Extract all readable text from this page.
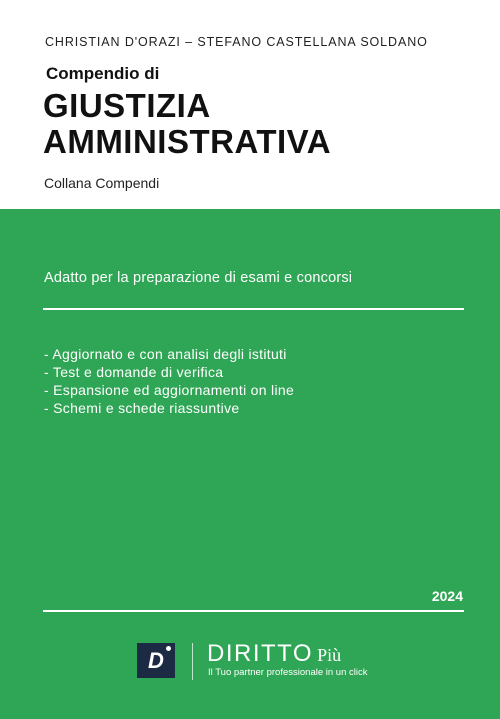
CHRISTIAN D'ORAZI – STEFANO CASTELLANA SOLDANO
Compendio di
GIUSTIZIA
AMMINISTRATIVA
Collana Compendi
Adatto per la preparazione di esami e concorsi
- Aggiornato e con analisi degli istituti
- Test e domande di verifica
- Espansione ed aggiornamenti on line
- Schemi e schede riassuntive
2024
D	DIRITTO Più
Il Tuo partner professionale in un click
